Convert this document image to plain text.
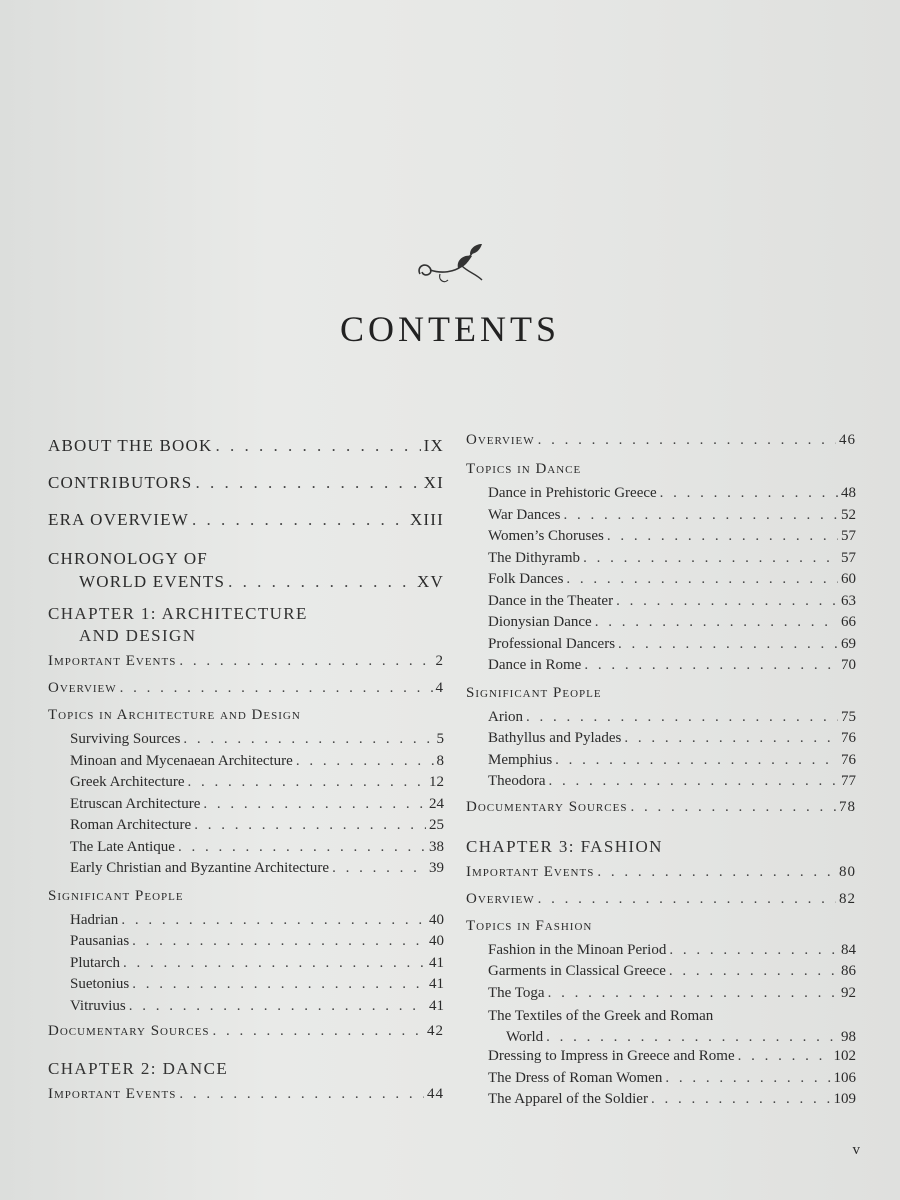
CONTENTS
ABOUT THE BOOK . . .	IX
CONTRIBUTORS . . .	XI
ERA OVERVIEW . . .	XIII
CHRONOLOGY OF
WORLD EVENTS . . .	XV
CHAPTER 1: ARCHITECTURE
AND DESIGN
Important Events . . .	2
Overview . . .	4
Topics in Architecture and Design
Surviving Sources . . .	5
Minoan and Mycenaean Architecture . . .	8
Greek Architecture . . .	12
Etruscan Architecture . . .	24
Roman Architecture . . .	25
The Late Antique . . .	38
Early Christian and Byzantine Architecture . . .	39
Significant People
Hadrian . . .	40
Pausanias . . .	40
Plutarch . . .	41
Suetonius . . .	41
Vitruvius . . .	41
Documentary Sources . . .	42
CHAPTER 2: DANCE
Important Events . . .	44
Overview . . .	46
Topics in Dance
Dance in Prehistoric Greece . . .	48
War Dances . . .	52
Women’s Choruses . . .	57
The Dithyramb . . .	57
Folk Dances . . .	60
Dance in the Theater . . .	63
Dionysian Dance . . .	66
Professional Dancers . . .	69
Dance in Rome . . .	70
Significant People
Arion . . .	75
Bathyllus and Pylades . . .	76
Memphius . . .	76
Theodora . . .	77
Documentary Sources . . .	78
CHAPTER 3: FASHION
Important Events . . .	80
Overview . . .	82
Topics in Fashion
Fashion in the Minoan Period . . .	84
Garments in Classical Greece . . .	86
The Toga . . .	92
The Textiles of the Greek and Roman
World . . .	98
Dressing to Impress in Greece and Rome . . .	102
The Dress of Roman Women . . .	106
The Apparel of the Soldier . . .	109
v
